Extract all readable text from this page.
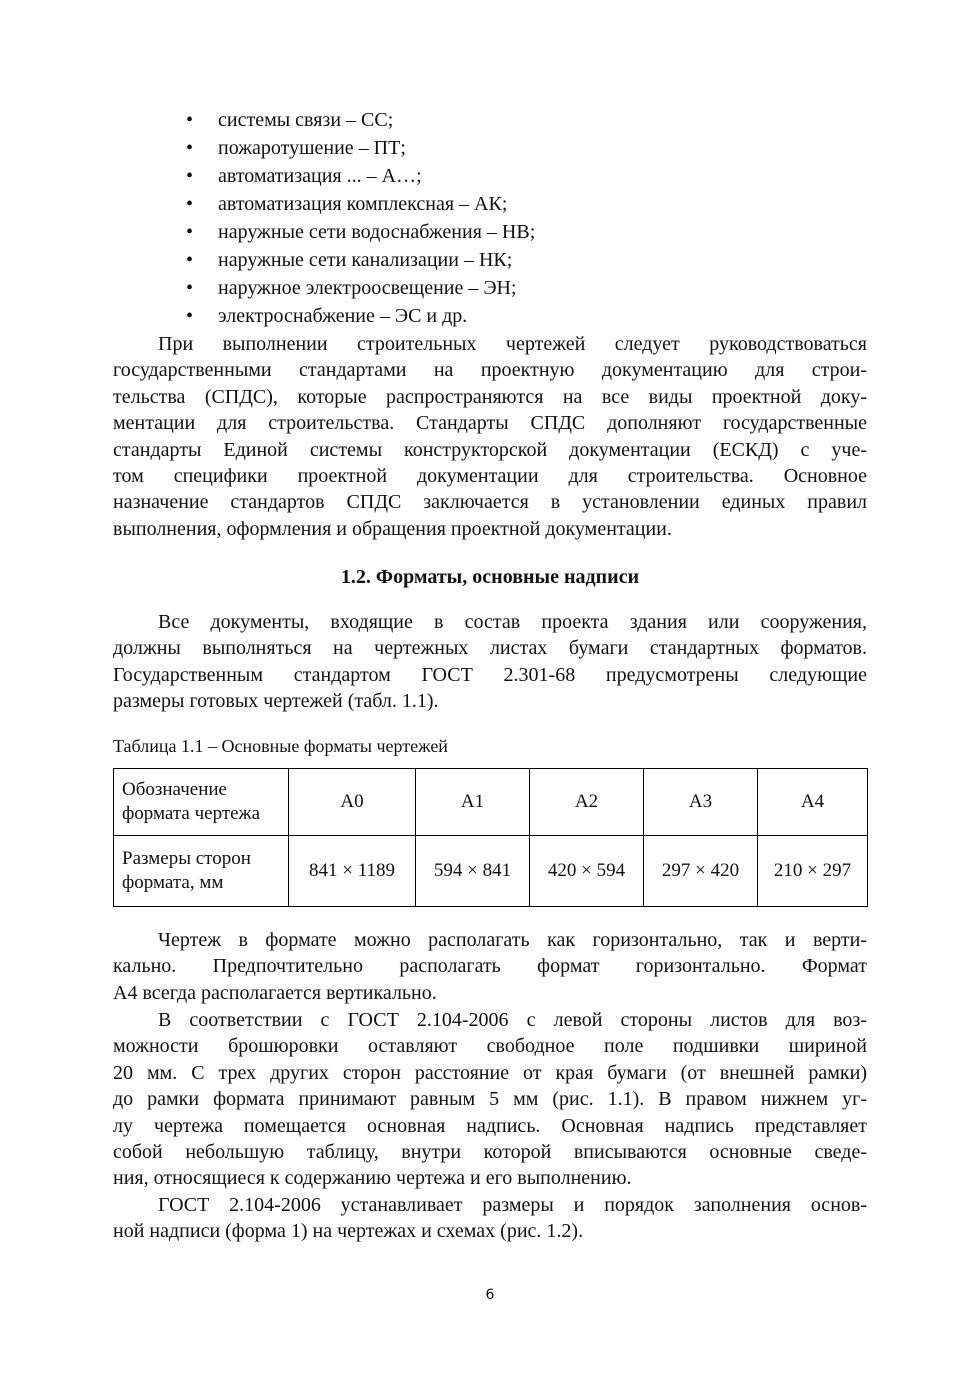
• системы связи – СС;
• пожаротушение – ПТ;
• автоматизация ... – А…;
• автоматизация комплексная – АК;
• наружные сети водоснабжения – НВ;
• наружные сети канализации – НК;
• наружное электроосвещение – ЭН;
• электроснабжение – ЭС и др.
При выполнении строительных чертежей следует руководствоваться
государственными стандартами на проектную документацию для строи-
тельства (СПДС), которые распространяются на все виды проектной доку-
ментации для строительства. Стандарты СПДС дополняют государственные
стандарты Единой системы конструкторской документации (ЕСКД) с уче-
том специфики проектной документации для строительства. Основное
назначение стандартов СПДС заключается в установлении единых правил
выполнения, оформления и обращения проектной документации.
1.2. Форматы, основные надписи
Все документы, входящие в состав проекта здания или сооружения,
должны выполняться на чертежных листах бумаги стандартных форматов.
Государственным стандартом ГОСТ 2.301-68 предусмотрены следующие
размеры готовых чертежей (табл. 1.1).
Таблица 1.1 – Основные форматы чертежей
Обозначение формата чертежа	А0	А1	А2	А3	А4
Размеры сторон формата, мм	841 × 1189	594 × 841	420 × 594	297 × 420	210 × 297
Чертеж в формате можно располагать как горизонтально, так и верти-
кально. Предпочтительно располагать формат горизонтально. Формат
А4 всегда располагается вертикально.
В соответствии с ГОСТ 2.104-2006 с левой стороны листов для воз-
можности брошюровки оставляют свободное поле подшивки шириной
20 мм. С трех других сторон расстояние от края бумаги (от внешней рамки)
до рамки формата принимают равным 5 мм (рис. 1.1). В правом нижнем уг-
лу чертежа помещается основная надпись. Основная надпись представляет
собой небольшую таблицу, внутри которой вписываются основные сведе-
ния, относящиеся к содержанию чертежа и его выполнению.
ГОСТ 2.104-2006 устанавливает размеры и порядок заполнения основ-
ной надписи (форма 1) на чертежах и схемах (рис. 1.2).
6
